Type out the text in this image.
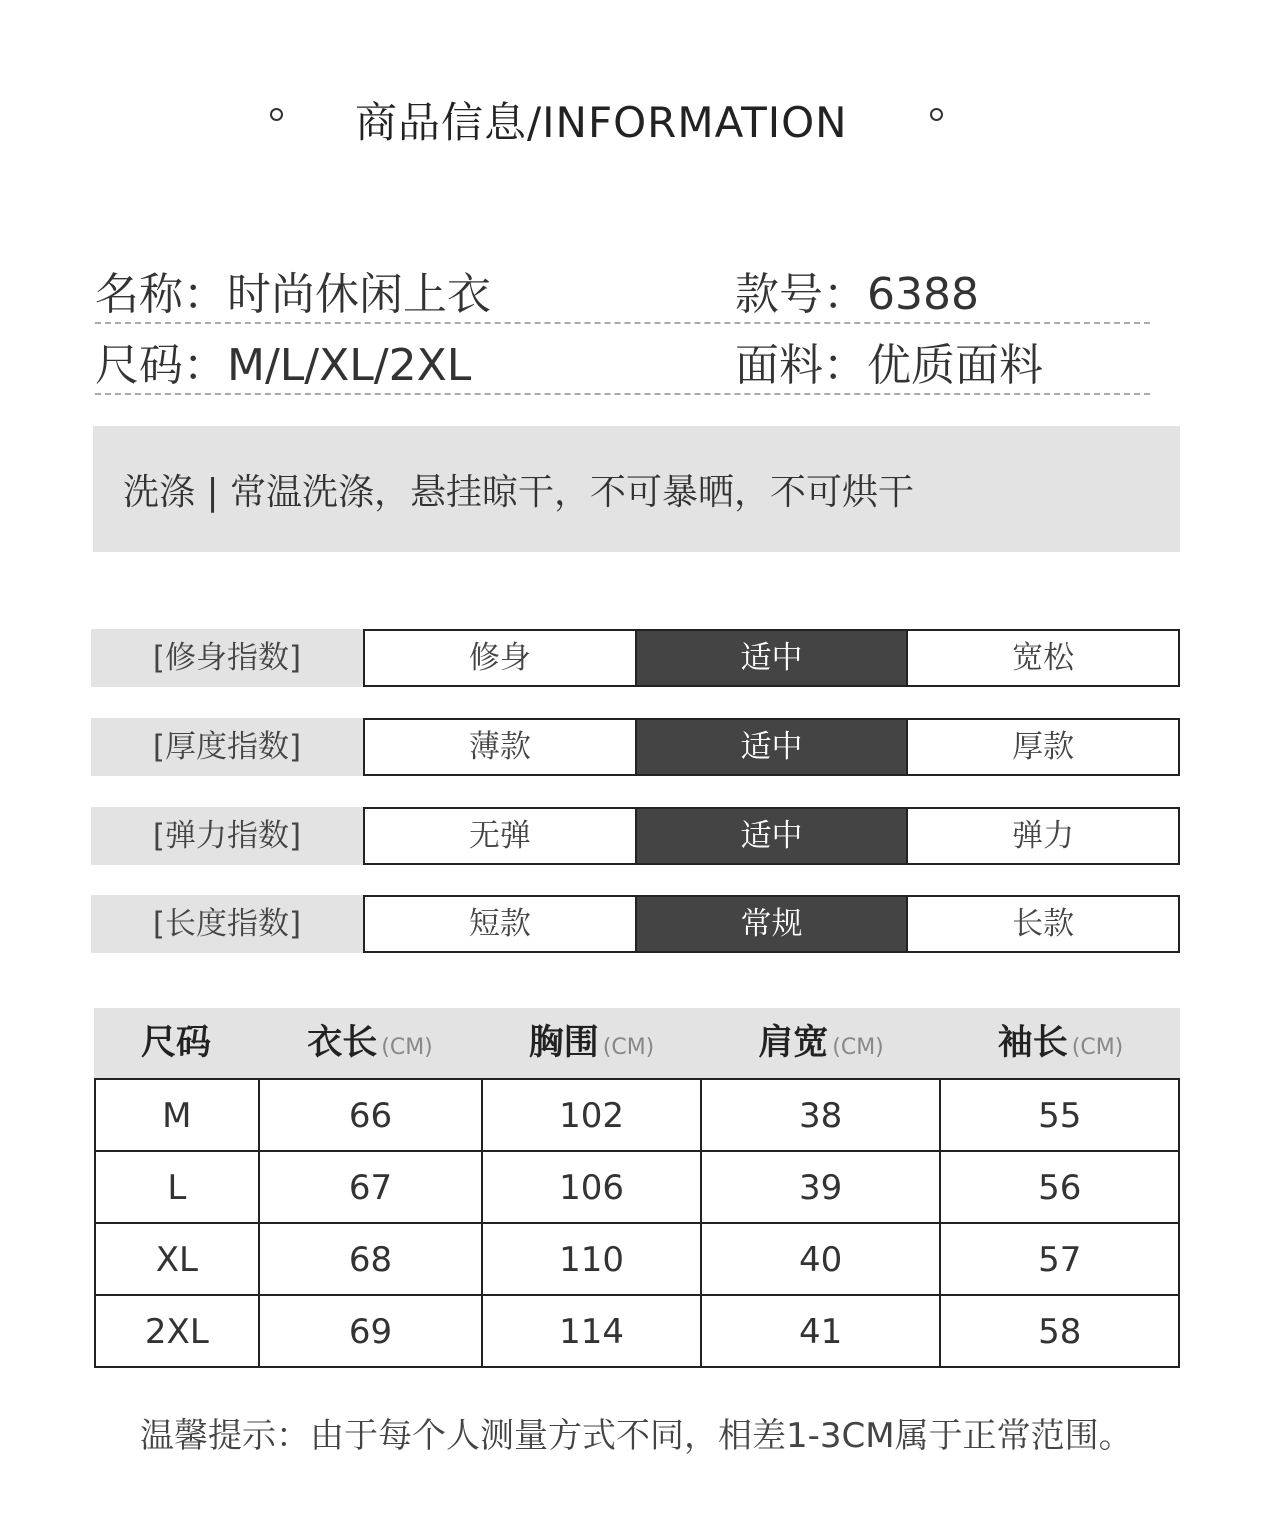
商品信息/INFORMATION
名称：时尚休闲上衣	款号：6388
尺码：M/L/XL/2XL	面料：优质面料
洗涤 | 常温洗涤，悬挂晾干，不可暴晒，不可烘干
[修身指数]	修身	适中	宽松
[厚度指数]	薄款	适中	厚款
[弹力指数]	无弹	适中	弹力
[长度指数]	短款	常规	长款
尺码	衣长 (CM)	胸围 (CM)	肩宽 (CM)	袖长 (CM)
M	66	102	38	55
L	67	106	39	56
XL	68	110	40	57
2XL	69	114	41	58
温馨提示：由于每个人测量方式不同，相差1-3CM属于正常范围。
